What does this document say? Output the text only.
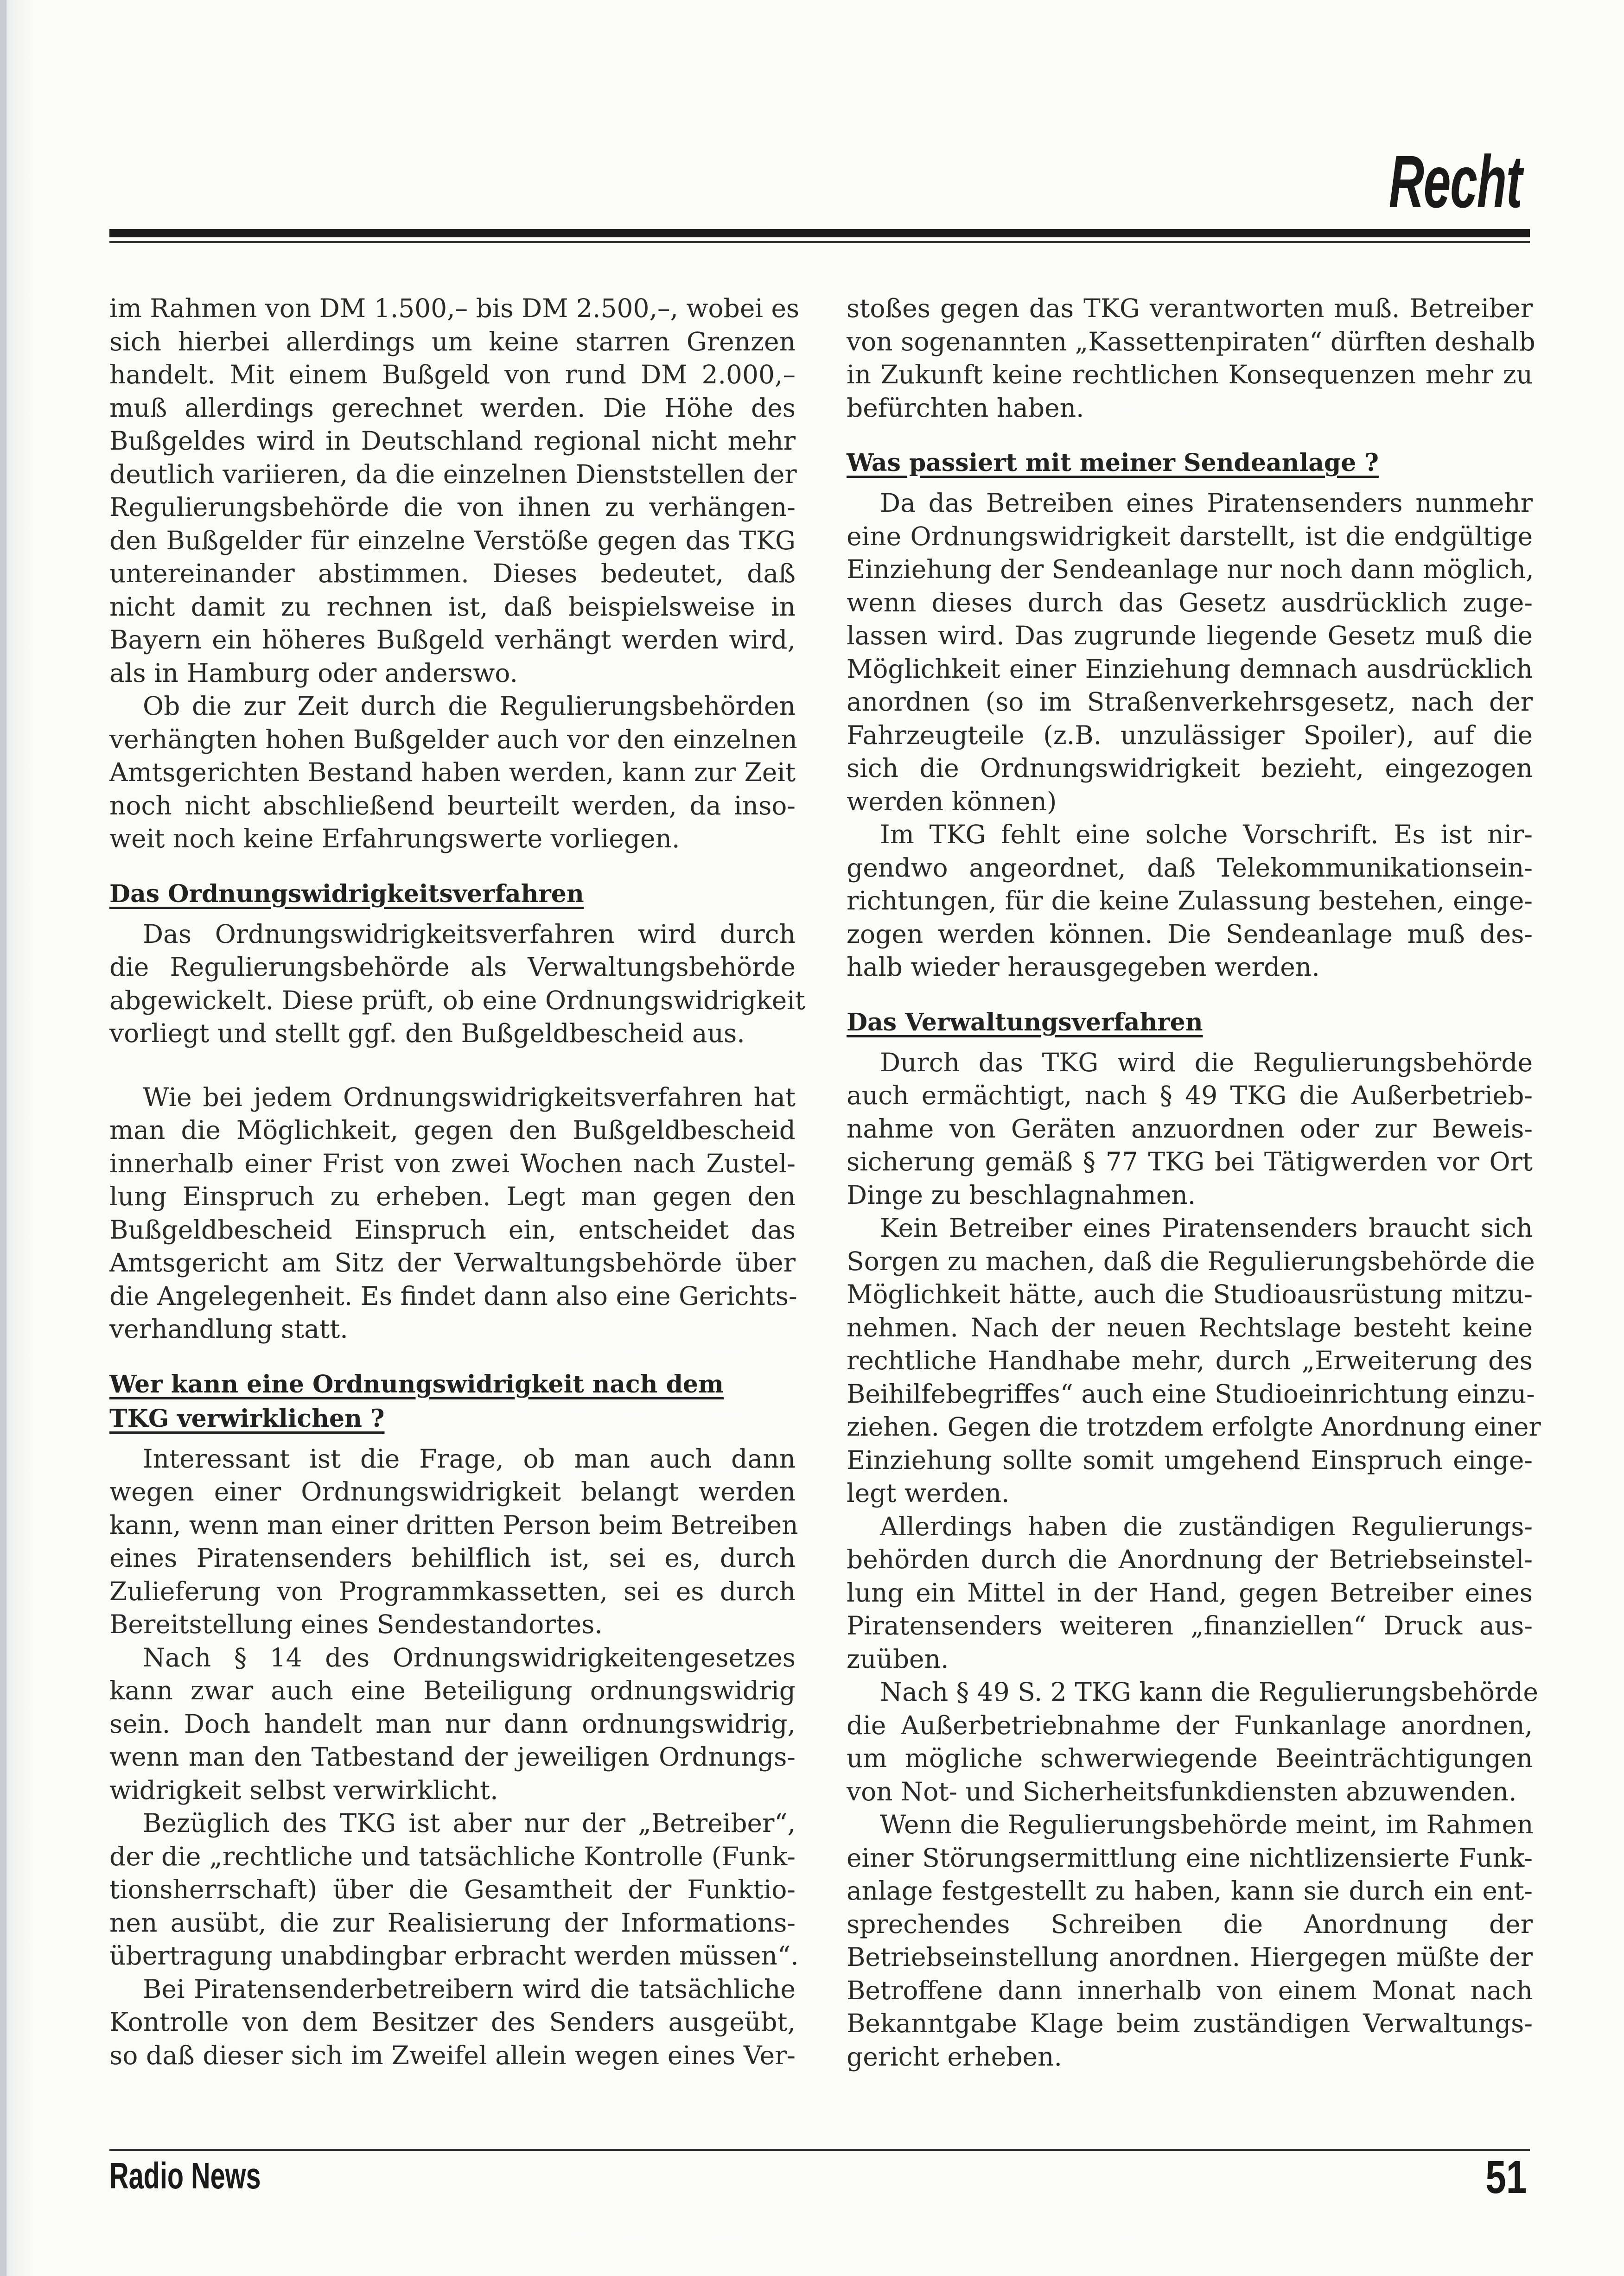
Recht
im Rahmen von DM 1.500,– bis DM 2.500,–, wobei es
sich hierbei allerdings um keine starren Grenzen
handelt. Mit einem Bußgeld von rund DM 2.000,–
muß allerdings gerechnet werden. Die Höhe des
Bußgeldes wird in Deutschland regional nicht mehr
deutlich variieren, da die einzelnen Dienststellen der
Regulierungsbehörde die von ihnen zu verhängen-
den Bußgelder für einzelne Verstöße gegen das TKG
untereinander abstimmen. Dieses bedeutet, daß
nicht damit zu rechnen ist, daß beispielsweise in
Bayern ein höheres Bußgeld verhängt werden wird,
als in Hamburg oder anderswo.
Ob die zur Zeit durch die Regulierungsbehörden
verhängten hohen Bußgelder auch vor den einzelnen
Amtsgerichten Bestand haben werden, kann zur Zeit
noch nicht abschließend beurteilt werden, da inso-
weit noch keine Erfahrungswerte vorliegen.
Das Ordnungswidrigkeitsverfahren
Das Ordnungswidrigkeitsverfahren wird durch
die Regulierungsbehörde als Verwaltungsbehörde
abgewickelt. Diese prüft, ob eine Ordnungswidrigkeit
vorliegt und stellt ggf. den Bußgeldbescheid aus.
Wie bei jedem Ordnungswidrigkeitsverfahren hat
man die Möglichkeit, gegen den Bußgeldbescheid
innerhalb einer Frist von zwei Wochen nach Zustel-
lung Einspruch zu erheben. Legt man gegen den
Bußgeldbescheid Einspruch ein, entscheidet das
Amtsgericht am Sitz der Verwaltungsbehörde über
die Angelegenheit. Es findet dann also eine Gerichts-
verhandlung statt.
Wer kann eine Ordnungswidrigkeit nach dem
TKG verwirklichen ?
Interessant ist die Frage, ob man auch dann
wegen einer Ordnungswidrigkeit belangt werden
kann, wenn man einer dritten Person beim Betreiben
eines Piratensenders behilflich ist, sei es, durch
Zulieferung von Programmkassetten, sei es durch
Bereitstellung eines Sendestandortes.
Nach § 14 des Ordnungswidrigkeitengesetzes
kann zwar auch eine Beteiligung ordnungswidrig
sein. Doch handelt man nur dann ordnungswidrig,
wenn man den Tatbestand der jeweiligen Ordnungs-
widrigkeit selbst verwirklicht.
Bezüglich des TKG ist aber nur der „Betreiber“,
der die „rechtliche und tatsächliche Kontrolle (Funk-
tionsherrschaft) über die Gesamtheit der Funktio-
nen ausübt, die zur Realisierung der Informations-
übertragung unabdingbar erbracht werden müssen“.
Bei Piratensenderbetreibern wird die tatsächliche
Kontrolle von dem Besitzer des Senders ausgeübt,
so daß dieser sich im Zweifel allein wegen eines Ver-
stoßes gegen das TKG verantworten muß. Betreiber
von sogenannten „Kassettenpiraten“ dürften deshalb
in Zukunft keine rechtlichen Konsequenzen mehr zu
befürchten haben.
Was passiert mit meiner Sendeanlage ?
Da das Betreiben eines Piratensenders nunmehr
eine Ordnungswidrigkeit darstellt, ist die endgültige
Einziehung der Sendeanlage nur noch dann möglich,
wenn dieses durch das Gesetz ausdrücklich zuge-
lassen wird. Das zugrunde liegende Gesetz muß die
Möglichkeit einer Einziehung demnach ausdrücklich
anordnen (so im Straßenverkehrsgesetz, nach der
Fahrzeugteile (z.B. unzulässiger Spoiler), auf die
sich die Ordnungswidrigkeit bezieht, eingezogen
werden können)
Im TKG fehlt eine solche Vorschrift. Es ist nir-
gendwo angeordnet, daß Telekommunikationsein-
richtungen, für die keine Zulassung bestehen, einge-
zogen werden können. Die Sendeanlage muß des-
halb wieder herausgegeben werden.
Das Verwaltungsverfahren
Durch das TKG wird die Regulierungsbehörde
auch ermächtigt, nach § 49 TKG die Außerbetrieb-
nahme von Geräten anzuordnen oder zur Beweis-
sicherung gemäß § 77 TKG bei Tätigwerden vor Ort
Dinge zu beschlagnahmen.
Kein Betreiber eines Piratensenders braucht sich
Sorgen zu machen, daß die Regulierungsbehörde die
Möglichkeit hätte, auch die Studioausrüstung mitzu-
nehmen. Nach der neuen Rechtslage besteht keine
rechtliche Handhabe mehr, durch „Erweiterung des
Beihilfebegriffes“ auch eine Studioeinrichtung einzu-
ziehen. Gegen die trotzdem erfolgte Anordnung einer
Einziehung sollte somit umgehend Einspruch einge-
legt werden.
Allerdings haben die zuständigen Regulierungs-
behörden durch die Anordnung der Betriebseinstel-
lung ein Mittel in der Hand, gegen Betreiber eines
Piratensenders weiteren „finanziellen“ Druck aus-
zuüben.
Nach § 49 S. 2 TKG kann die Regulierungsbehörde
die Außerbetriebnahme der Funkanlage anordnen,
um mögliche schwerwiegende Beeinträchtigungen
von Not- und Sicherheitsfunkdiensten abzuwenden.
Wenn die Regulierungsbehörde meint, im Rahmen
einer Störungsermittlung eine nichtlizensierte Funk-
anlage festgestellt zu haben, kann sie durch ein ent-
sprechendes Schreiben die Anordnung der
Betriebseinstellung anordnen. Hiergegen müßte der
Betroffene dann innerhalb von einem Monat nach
Bekanntgabe Klage beim zuständigen Verwaltungs-
gericht erheben.
Radio News	51
